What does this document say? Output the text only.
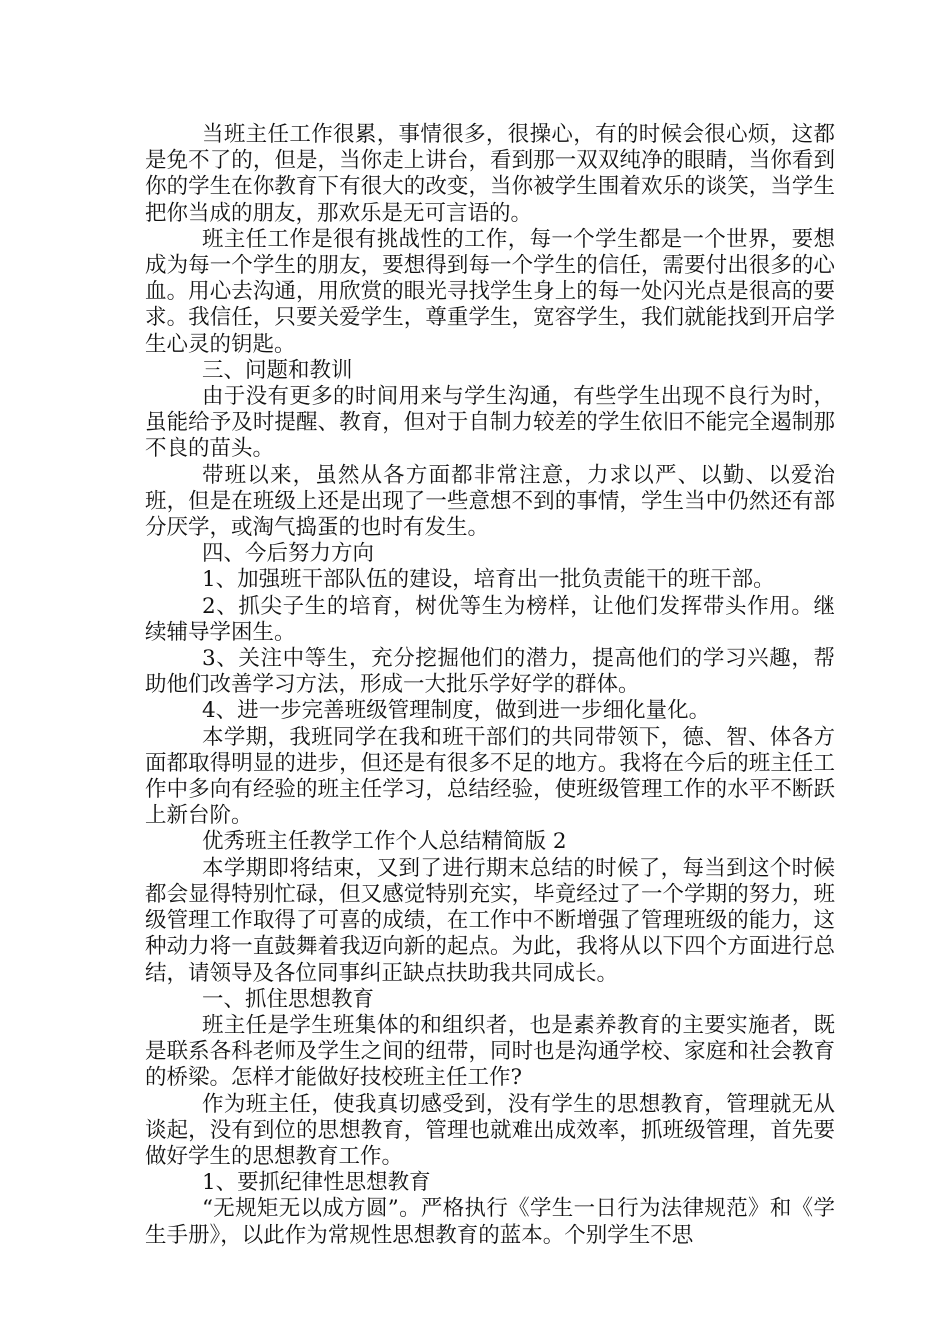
当班主任工作很累，事情很多，很操心，有的时候会很心烦，这都是免不了的，但是，当你走上讲台，看到那一双双纯净的眼睛，当你看到你的学生在你教育下有很大的改变，当你被学生围着欢乐的谈笑，当学生把你当成的朋友，那欢乐是无可言语的。

班主任工作是很有挑战性的工作，每一个学生都是一个世界，要想成为每一个学生的朋友，要想得到每一个学生的信任，需要付出很多的心血。用心去沟通，用欣赏的眼光寻找学生身上的每一处闪光点是很高的要求。我信任，只要关爱学生，尊重学生，宽容学生，我们就能找到开启学生心灵的钥匙。

三、问题和教训

由于没有更多的时间用来与学生沟通，有些学生出现不良行为时，虽能给予及时提醒、教育，但对于自制力较差的学生依旧不能完全遏制那不良的苗头。

带班以来，虽然从各方面都非常注意，力求以严、以勤、以爱治班，但是在班级上还是出现了一些意想不到的事情，学生当中仍然还有部分厌学，或淘气捣蛋的也时有发生。

四、今后努力方向

1、加强班干部队伍的建设，培育出一批负责能干的班干部。

2、抓尖子生的培育，树优等生为榜样，让他们发挥带头作用。继续辅导学困生。

3、关注中等生，充分挖掘他们的潜力，提高他们的学习兴趣，帮助他们改善学习方法，形成一大批乐学好学的群体。

4、进一步完善班级管理制度，做到进一步细化量化。

本学期，我班同学在我和班干部们的共同带领下，德、智、体各方面都取得明显的进步，但还是有很多不足的地方。我将在今后的班主任工作中多向有经验的班主任学习，总结经验，使班级管理工作的水平不断跃上新台阶。

优秀班主任教学工作个人总结精简版 2

本学期即将结束，又到了进行期末总结的时候了，每当到这个时候都会显得特别忙碌，但又感觉特别充实，毕竟经过了一个学期的努力，班级管理工作取得了可喜的成绩，在工作中不断增强了管理班级的能力，这种动力将一直鼓舞着我迈向新的起点。为此，我将从以下四个方面进行总结，请领导及各位同事纠正缺点扶助我共同成长。

一、抓住思想教育

班主任是学生班集体的和组织者，也是素养教育的主要实施者，既是联系各科老师及学生之间的纽带，同时也是沟通学校、家庭和社会教育的桥梁。怎样才能做好技校班主任工作?

作为班主任，使我真切感受到，没有学生的思想教育，管理就无从谈起，没有到位的思想教育，管理也就难出成效率，抓班级管理，首先要做好学生的思想教育工作。

1、要抓纪律性思想教育

“无规矩无以成方圆”。严格执行《学生一日行为法律规范》和《学生手册》，以此作为常规性思想教育的蓝本。个别学生不思
